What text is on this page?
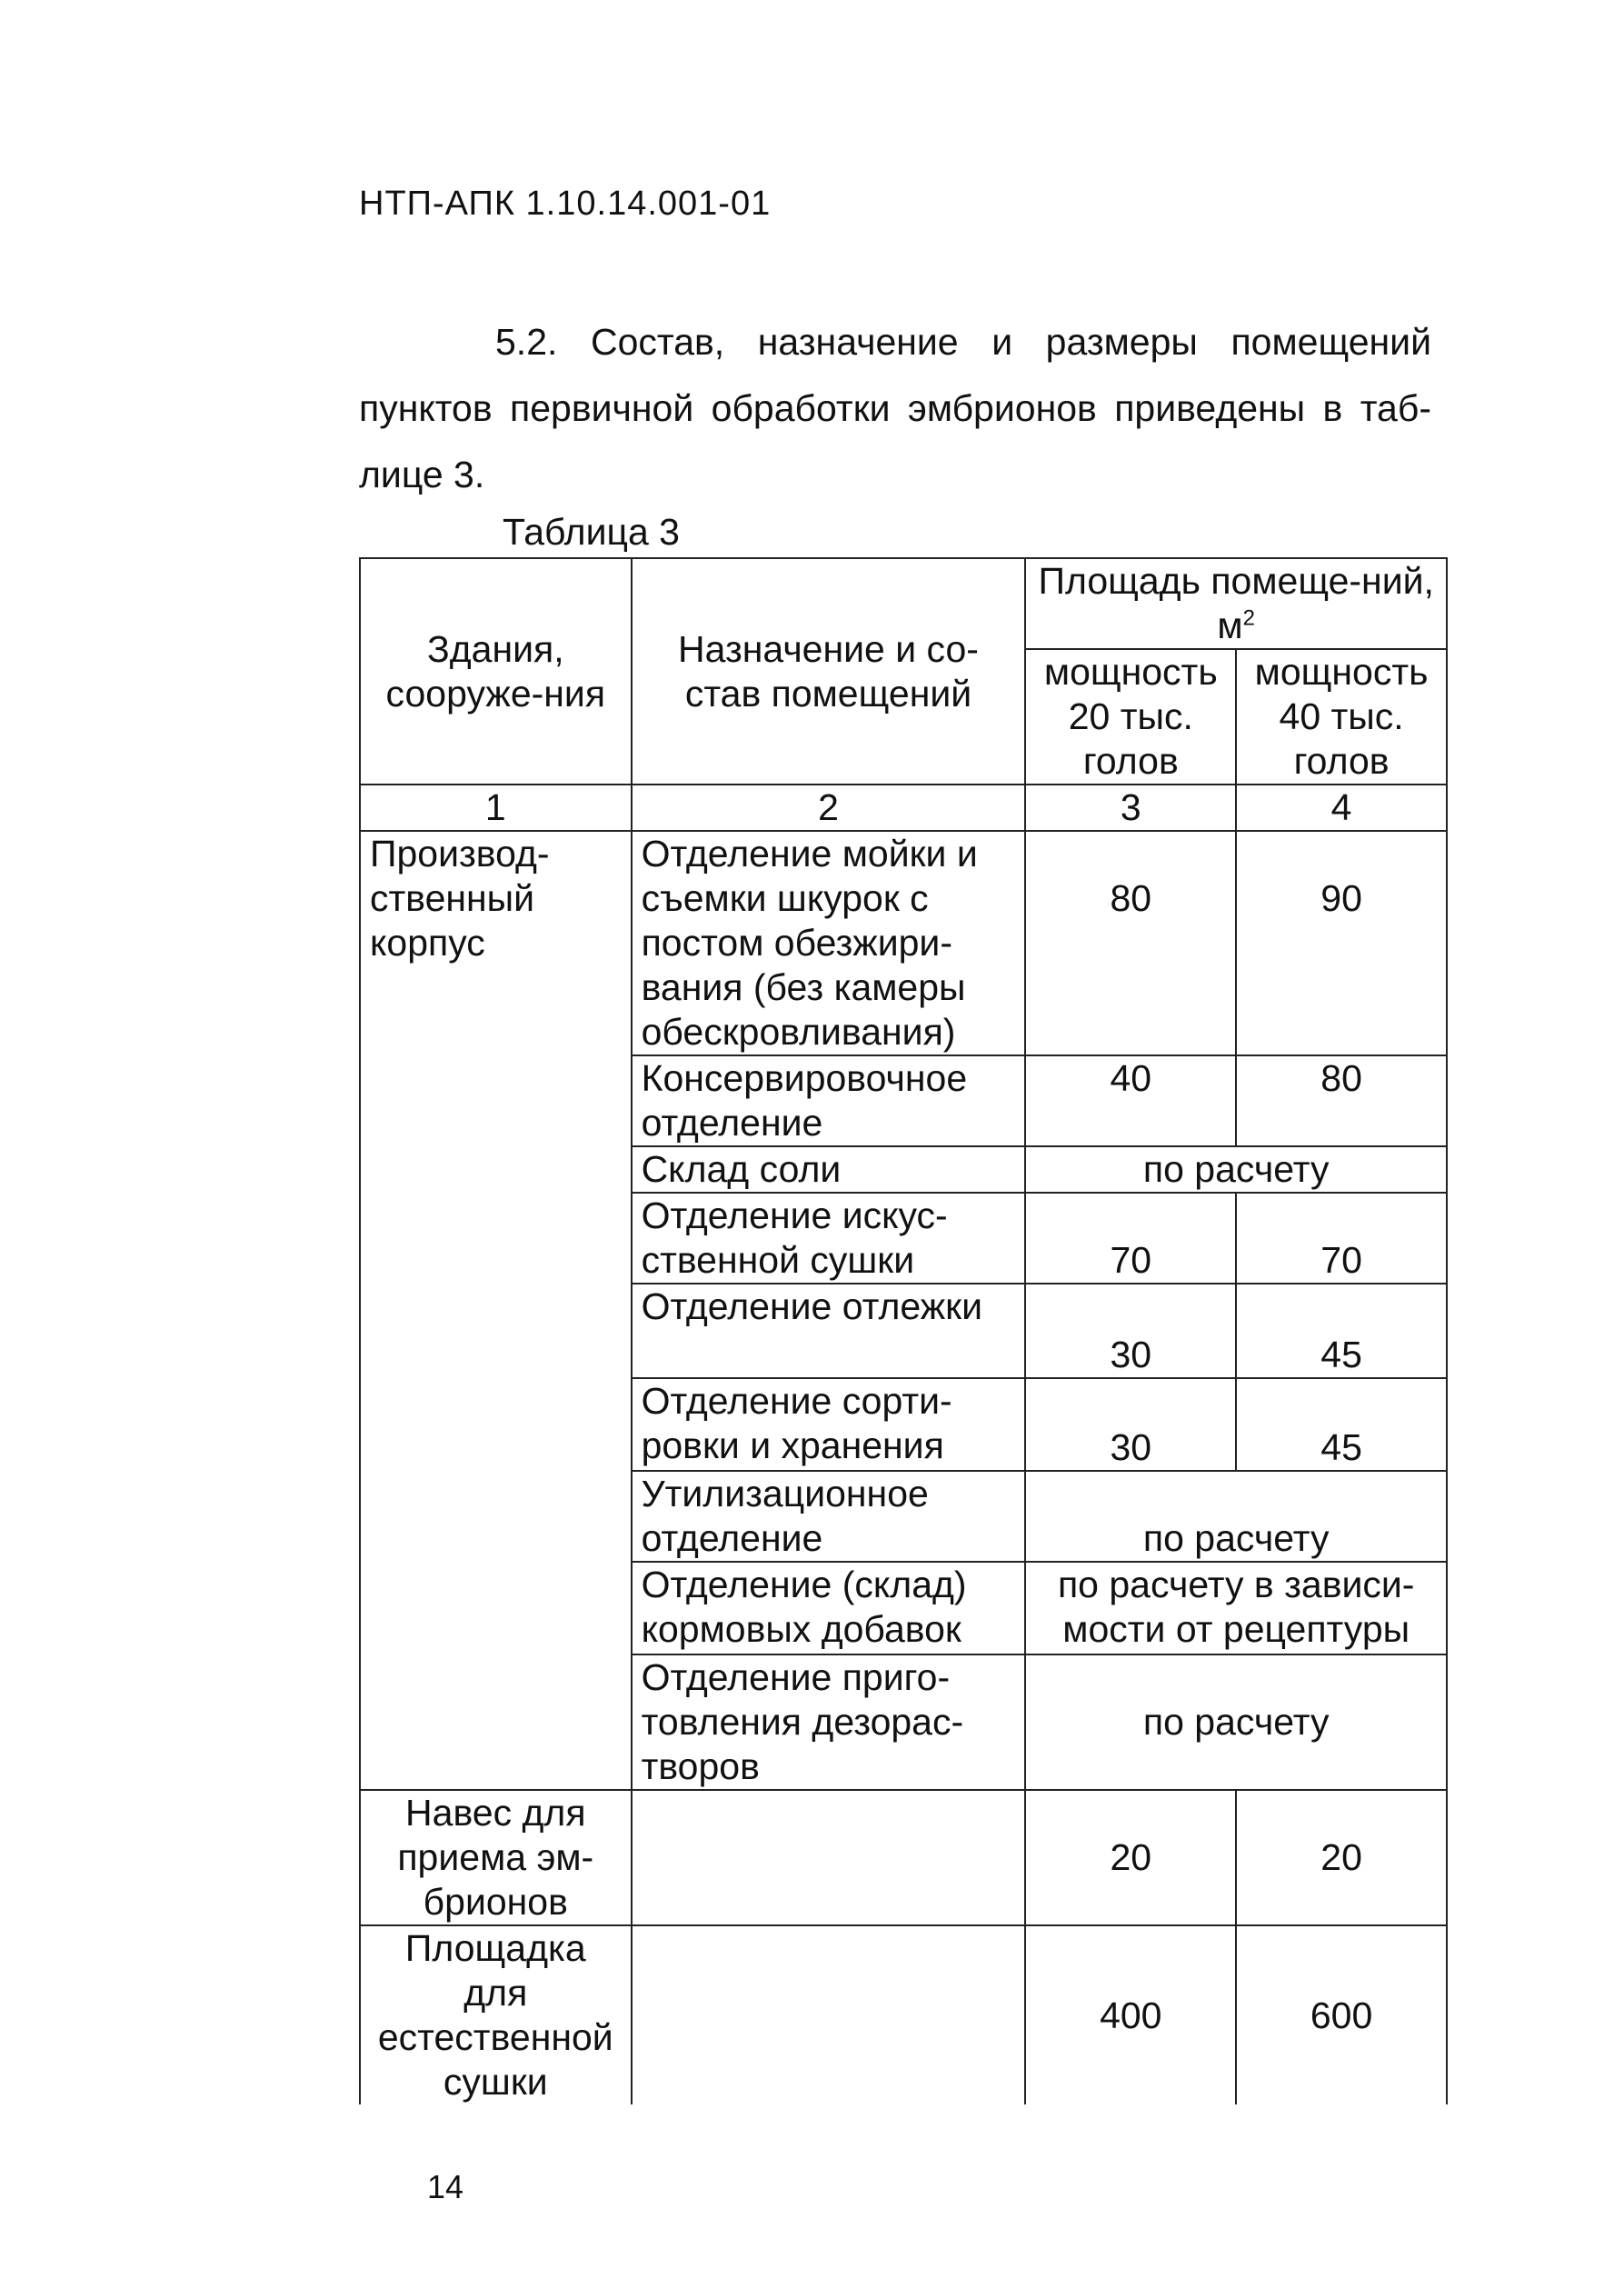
НТП-АПК 1.10.14.001-01
5.2. Состав, назначение и размеры помещений
пунктов первичной обработки эмбрионов приведены в таб-
лице 3.
Таблица 3
Здания, сооруже-ния	Назначение и со-став помещений	Площадь помеще-ний, $м^2$
		мощность 20 тыс. голов	мощность 40 тыс. голов
1	2	3	4
Производ-ственный корпус	Отделение мойки и съемки шкурок с постом обезжири-вания (без камеры обескровливания)	80	90
	Консервировочное отделение	40	80
	Склад соли	по расчету	
	Отделение искус-ственной сушки	70	70
	Отделение отлежки	30	45
	Отделение сорти-ровки и хранения	30	45
	Утилизационное отделение	по расчету	
	Отделение (склад) кормовых добавок	по расчету в зависи-мости от рецептуры	
	Отделение приго-товления дезорас-творов	по расчету	
Навес для приема эм-брионов		20	20
Площадка для естественной сушки		400	600
14
